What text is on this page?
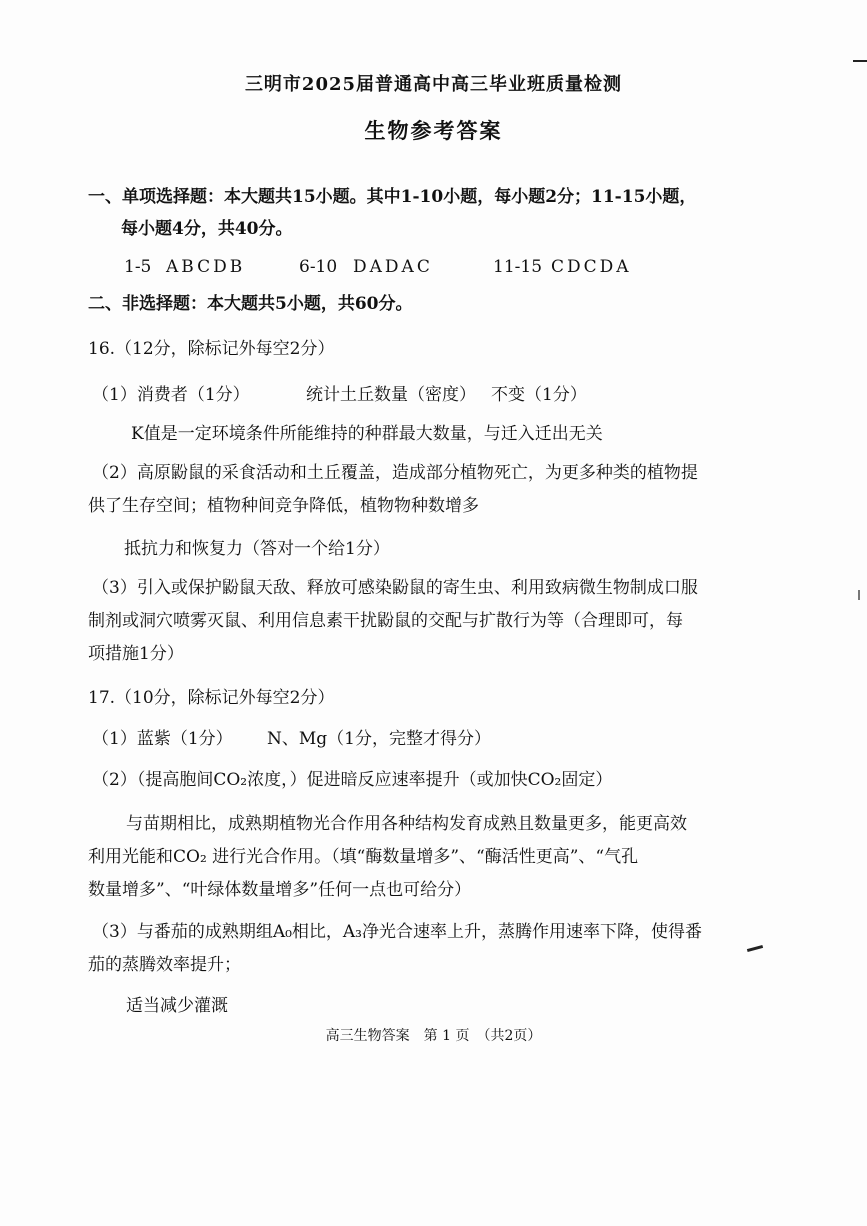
三明市2025届普通高中高三毕业班质量检测
生物参考答案
一、单项选择题：本大题共15小题。其中1-10小题，每小题2分；11-15小题，
每小题4分，共40分。
1-5 ABCDB	6-10 DADAC	11-15 CDCDA
二、非选择题：本大题共5小题，共60分。
16.（12分，除标记外每空2分）
（1）消费者（1分）	统计土丘数量（密度） 不变（1分）
K值是一定环境条件所能维持的种群最大数量，与迁入迁出无关
（2）高原鼢鼠的采食活动和土丘覆盖，造成部分植物死亡，为更多种类的植物提
供了生存空间；植物种间竞争降低，植物物种数增多
抵抗力和恢复力（答对一个给1分）
（3）引入或保护鼢鼠天敌、释放可感染鼢鼠的寄生虫、利用致病微生物制成口服
制剂或洞穴喷雾灭鼠、利用信息素干扰鼢鼠的交配与扩散行为等（合理即可，每
项措施1分）
17.（10分，除标记外每空2分）
（1）蓝紫（1分） N、Mg（1分，完整才得分）
（2）（提高胞间CO₂浓度，）促进暗反应速率提升（或加快CO₂固定）
与苗期相比，成熟期植物光合作用各种结构发育成熟且数量更多，能更高效
利用光能和CO₂ 进行光合作用。（填“酶数量增多”、“酶活性更高”、“气孔
数量增多”、“叶绿体数量增多”任何一点也可给分）
（3）与番茄的成熟期组A₀相比，A₃净光合速率上升，蒸腾作用速率下降，使得番
茄的蒸腾效率提升；
适当减少灌溉
高三生物答案　第 1 页　（共2页）
